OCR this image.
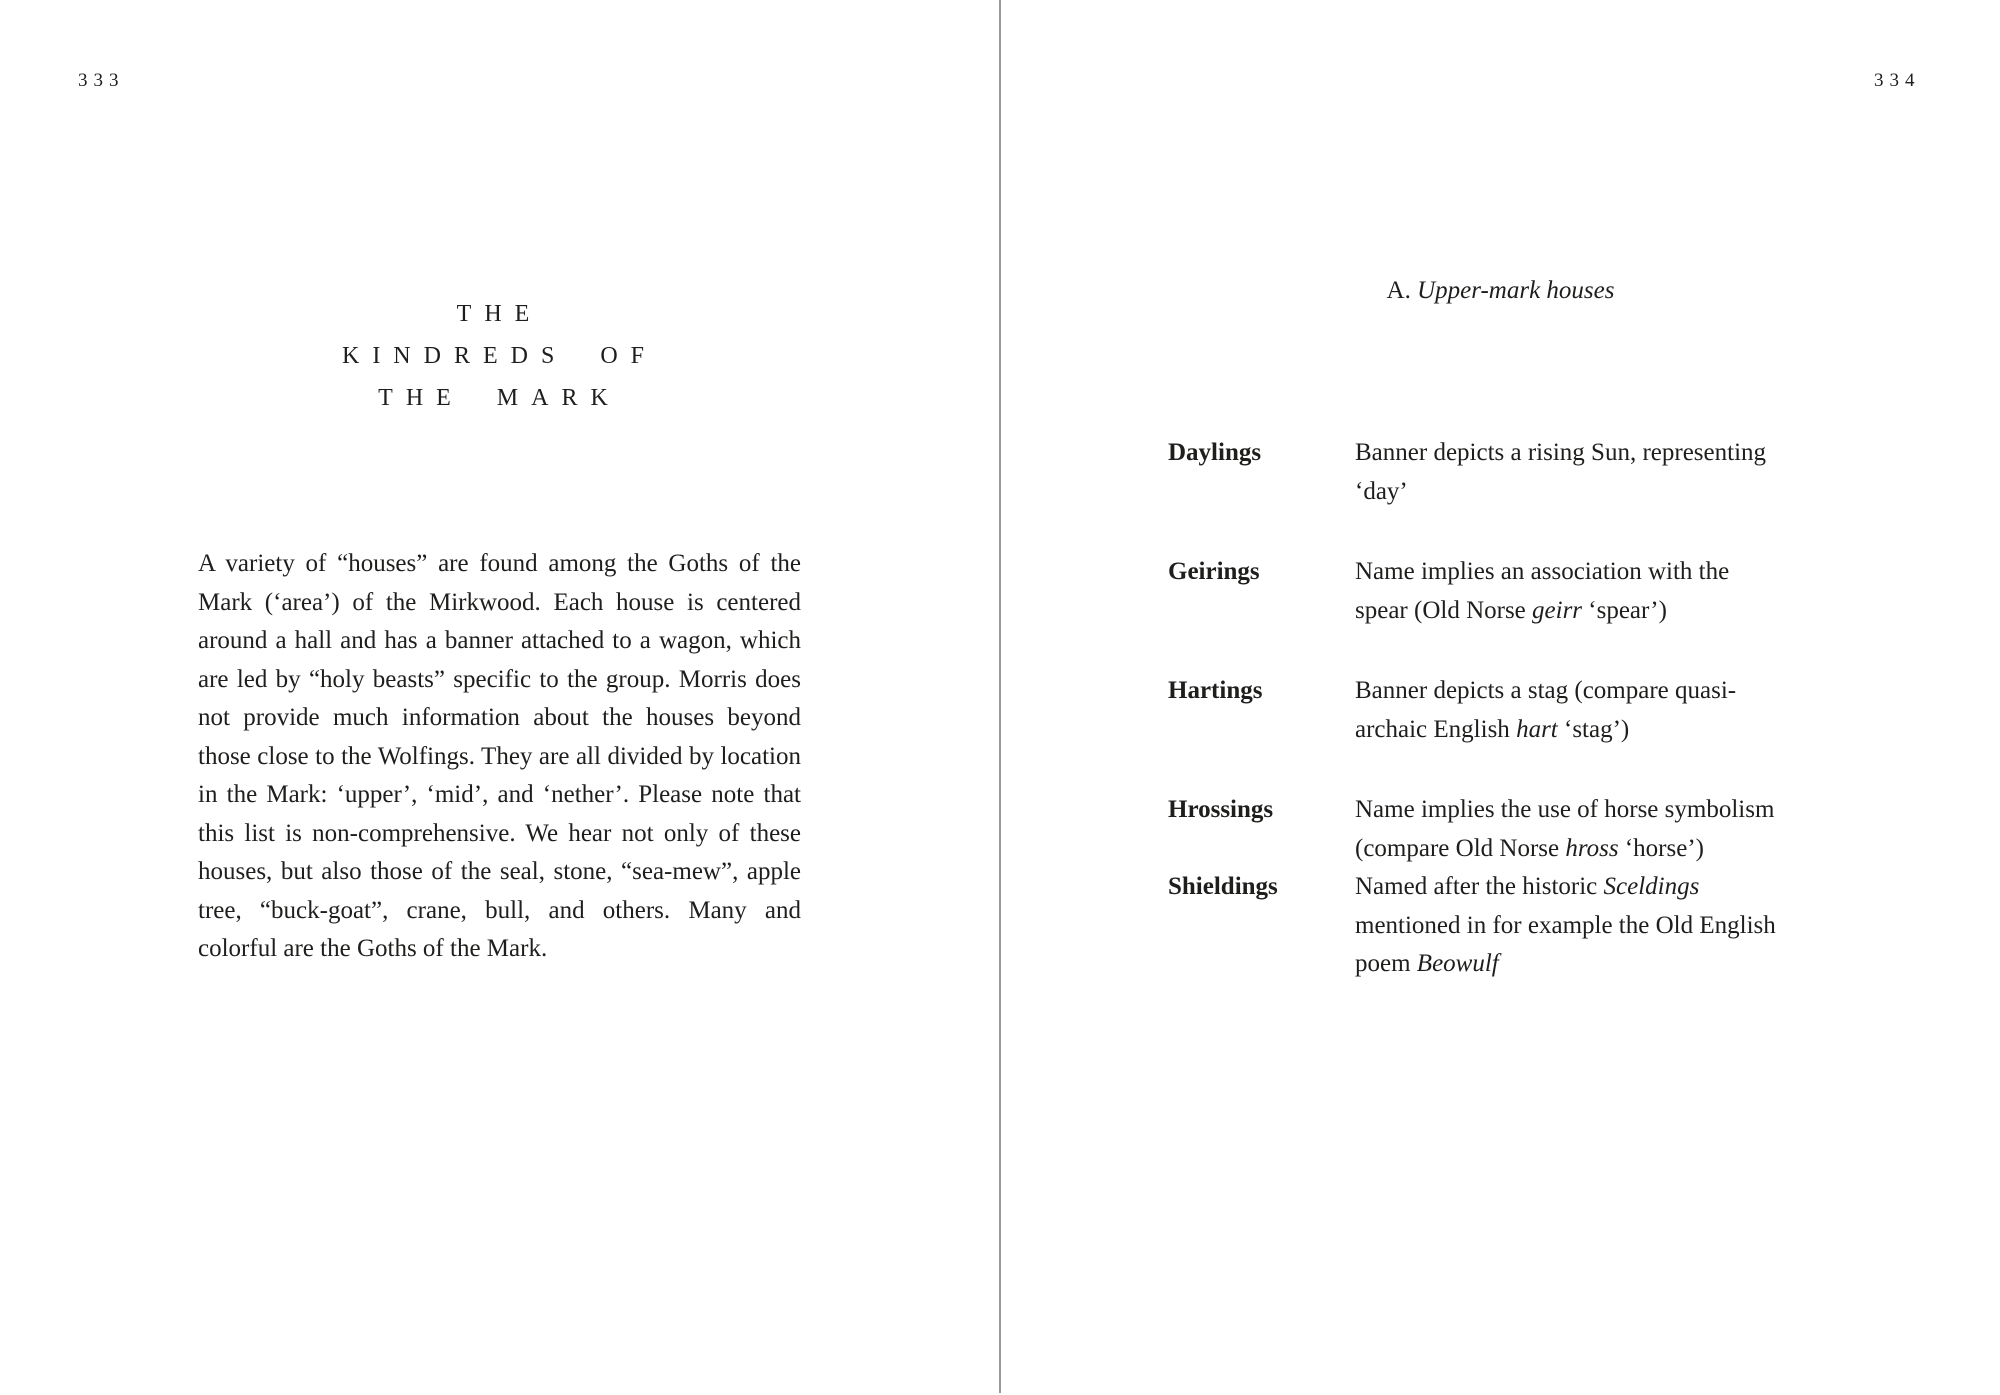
333
THE
KINDREDS OF
THE MARK

A variety of “houses” are found among the Goths of the Mark (‘area’) of the Mirkwood. Each house is centered around a hall and has a banner attached to a wagon, which are led by “holy beasts” specific to the group. Morris does not provide much information about the houses beyond those close to the Wolfings. They are all divided by location in the Mark: ‘upper’, ‘mid’, and ‘nether’. Please note that this list is non-comprehensive. We hear not only of these houses, but also those of the seal, stone, “sea-mew”, apple tree, “buck-goat”, crane, bull, and others. Many and colorful are the Goths of the Mark.

334
A. Upper-mark houses
Daylings	Banner depicts a rising Sun, representing ‘day’
Geirings	Name implies an association with the spear (Old Norse geirr ‘spear’)
Hartings	Banner depicts a stag (compare quasi-archaic English hart ‘stag’)
Hrossings	Name implies the use of horse symbolism (compare Old Norse hross ‘horse’)
Shieldings	Named after the historic Sceldings mentioned in for example the Old English poem Beowulf
